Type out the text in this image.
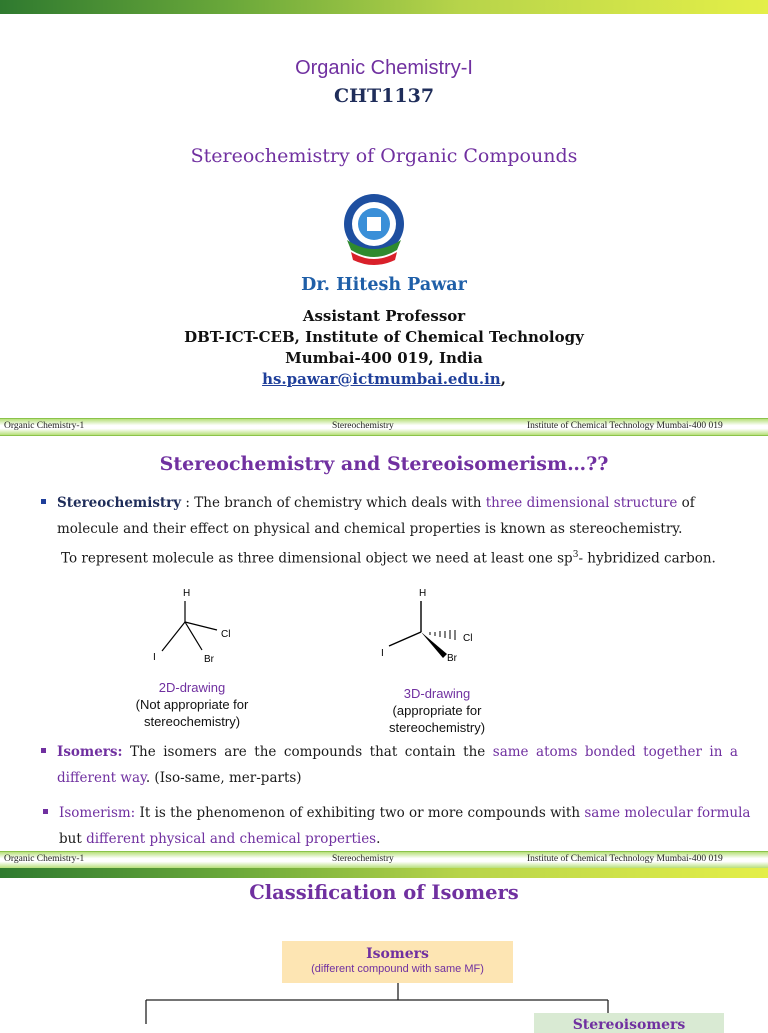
Organic Chemistry-I
CHT1137
Stereochemistry of Organic Compounds
Dr. Hitesh Pawar
Assistant Professor
DBT-ICT-CEB, Institute of Chemical Technology
Mumbai-400 019, India
hs.pawar@ictmumbai.edu.in,
Organic Chemistry-1	Stereochemistry	Institute of Chemical Technology Mumbai-400 019
Stereochemistry and Stereoisomerism…??
Stereochemistry : The branch of chemistry which deals with three dimensional structure of
molecule and their effect on physical and chemical properties is known as stereochemistry.
To represent molecule as three dimensional object we need at least one $sp^3-$ hybridized carbon.
H
Cl
I	Br
H
Cl
I	Br
2D-drawing
(Not appropriate for
stereochemistry)
3D-drawing
(appropriate for
stereochemistry)
Isomers: The isomers are the compounds that contain the same atoms bonded together in a
different way. (Iso-same, mer-parts)
Isomerism: It is the phenomenon of exhibiting two or more compounds with same molecular formula
but different physical and chemical properties.
Organic Chemistry-1	Stereochemistry	Institute of Chemical Technology Mumbai-400 019
Classification of Isomers
Isomers
(different compound with same MF)
Stereoisomers
